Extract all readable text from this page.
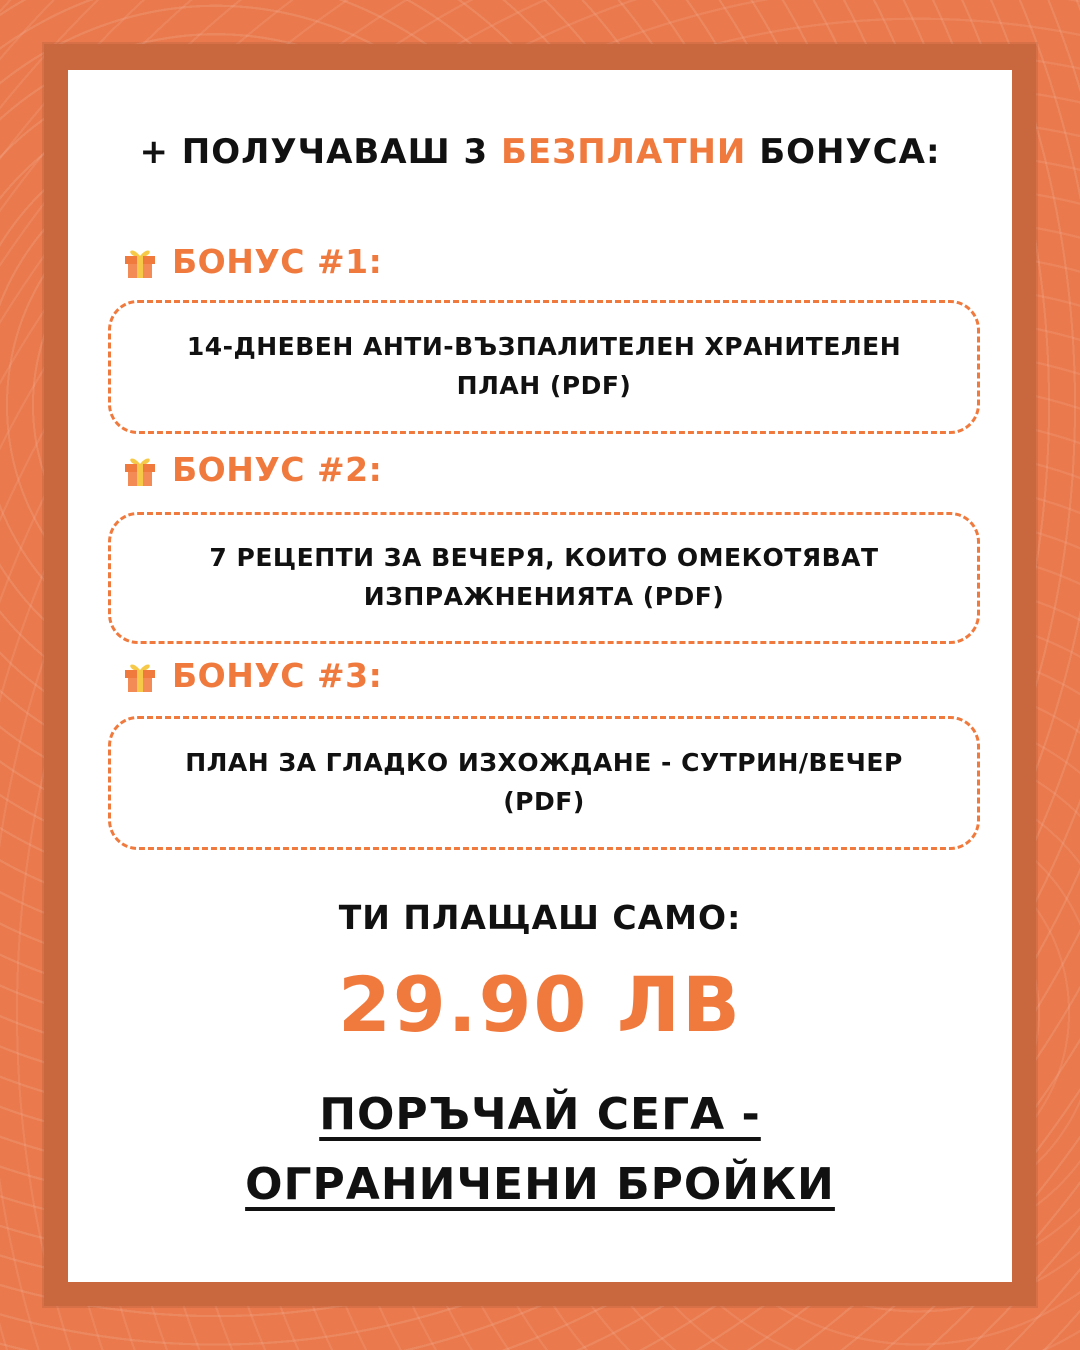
+ ПОЛУЧАВАШ 3 БЕЗПЛАТНИ БОНУСА:
БОНУС #1:
14-ДНЕВЕН АНТИ-ВЪЗПАЛИТЕЛЕН ХРАНИТЕЛЕН ПЛАН (PDF)
БОНУС #2:
7 РЕЦЕПТИ ЗА ВЕЧЕРЯ, КОИТО ОМЕКОТЯВАТ ИЗПРАЖНЕНИЯТА (PDF)
БОНУС #3:
ПЛАН ЗА ГЛАДКО ИЗХОЖДАНЕ - СУТРИН/ВЕЧЕР (PDF)
ТИ ПЛАЩАШ САМО:
29.90 ЛВ
ПОРЪЧАЙ СЕГА -
ОГРАНИЧЕНИ БРОЙКИ
